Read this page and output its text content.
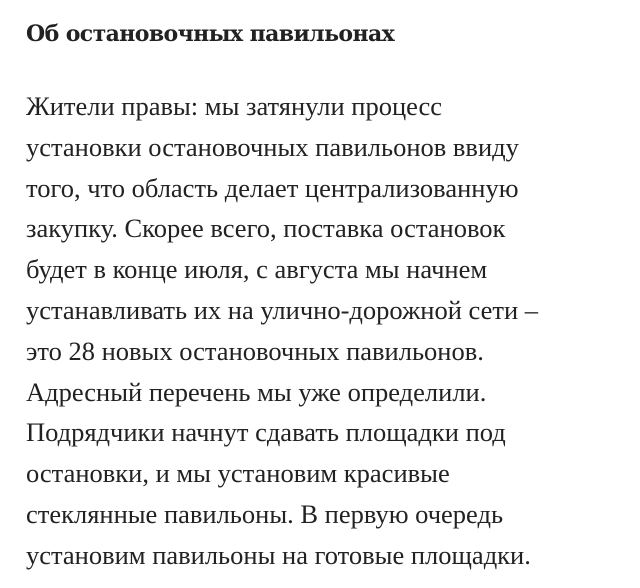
Об остановочных павильонах
Жители правы: мы затянули процесс
установки остановочных павильонов ввиду
того, что область делает централизованную
закупку. Скорее всего, поставка остановок
будет в конце июля, с августа мы начнем
устанавливать их на улично-дорожной сети –
это 28 новых остановочных павильонов.
Адресный перечень мы уже определили.
Подрядчики начнут сдавать площадки под
остановки, и мы установим красивые
стеклянные павильоны. В первую очередь
установим павильоны на готовые площадки.
